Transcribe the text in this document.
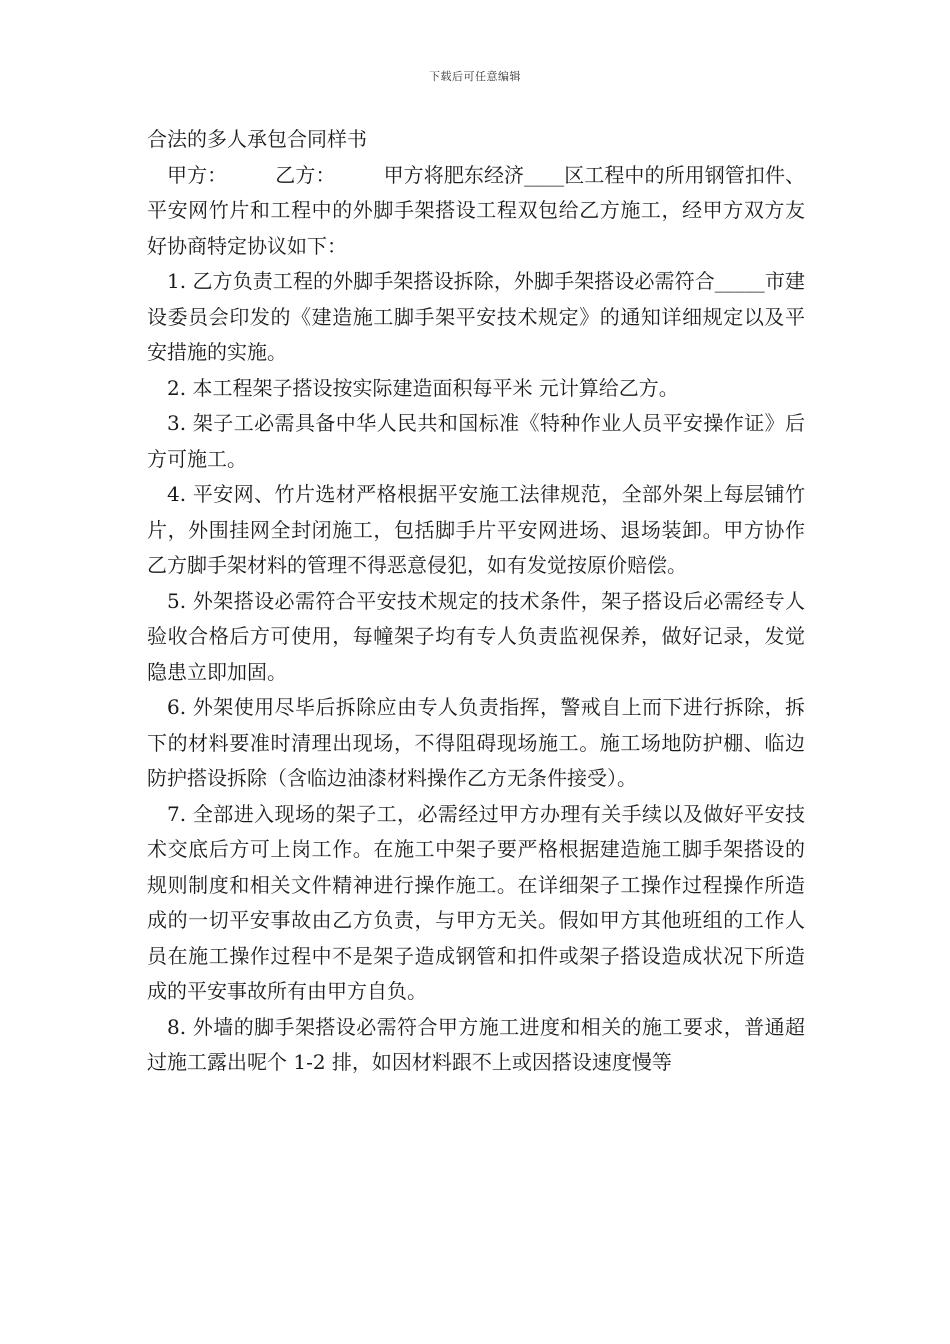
下载后可任意编辑
合法的多人承包合同样书

甲方： 乙方： 甲方将肥东经济____区工程中的所用钢管扣件、平安网竹片和工程中的外脚手架搭设工程双包给乙方施工，经甲方双方友好协商特定协议如下：

1. 乙方负责工程的外脚手架搭设拆除，外脚手架搭设必需符合_____市建设委员会印发的《建造施工脚手架平安技术规定》的通知详细规定以及平安措施的实施。

2. 本工程架子搭设按实际建造面积每平米 元计算给乙方。

3. 架子工必需具备中华人民共和国标准《特种作业人员平安操作证》后方可施工。

4. 平安网、竹片选材严格根据平安施工法律规范，全部外架上每层铺竹片，外围挂网全封闭施工，包括脚手片平安网进场、退场装卸。甲方协作乙方脚手架材料的管理不得恶意侵犯，如有发觉按原价赔偿。

5. 外架搭设必需符合平安技术规定的技术条件，架子搭设后必需经专人验收合格后方可使用，每幢架子均有专人负责监视保养，做好记录，发觉隐患立即加固。

6. 外架使用尽毕后拆除应由专人负责指挥，警戒自上而下进行拆除，拆下的材料要准时清理出现场，不得阻碍现场施工。施工场地防护棚、临边防护搭设拆除（含临边油漆材料操作乙方无条件接受）。

7. 全部进入现场的架子工，必需经过甲方办理有关手续以及做好平安技术交底后方可上岗工作。在施工中架子要严格根据建造施工脚手架搭设的规则制度和相关文件精神进行操作施工。在详细架子工操作过程操作所造成的一切平安事故由乙方负责，与甲方无关。假如甲方其他班组的工作人员在施工操作过程中不是架子造成钢管和扣件或架子搭设造成状况下所造成的平安事故所有由甲方自负。

8. 外墙的脚手架搭设必需符合甲方施工进度和相关的施工要求，普通超过施工露出呢个 1-2 排，如因材料跟不上或因搭设速度慢等
